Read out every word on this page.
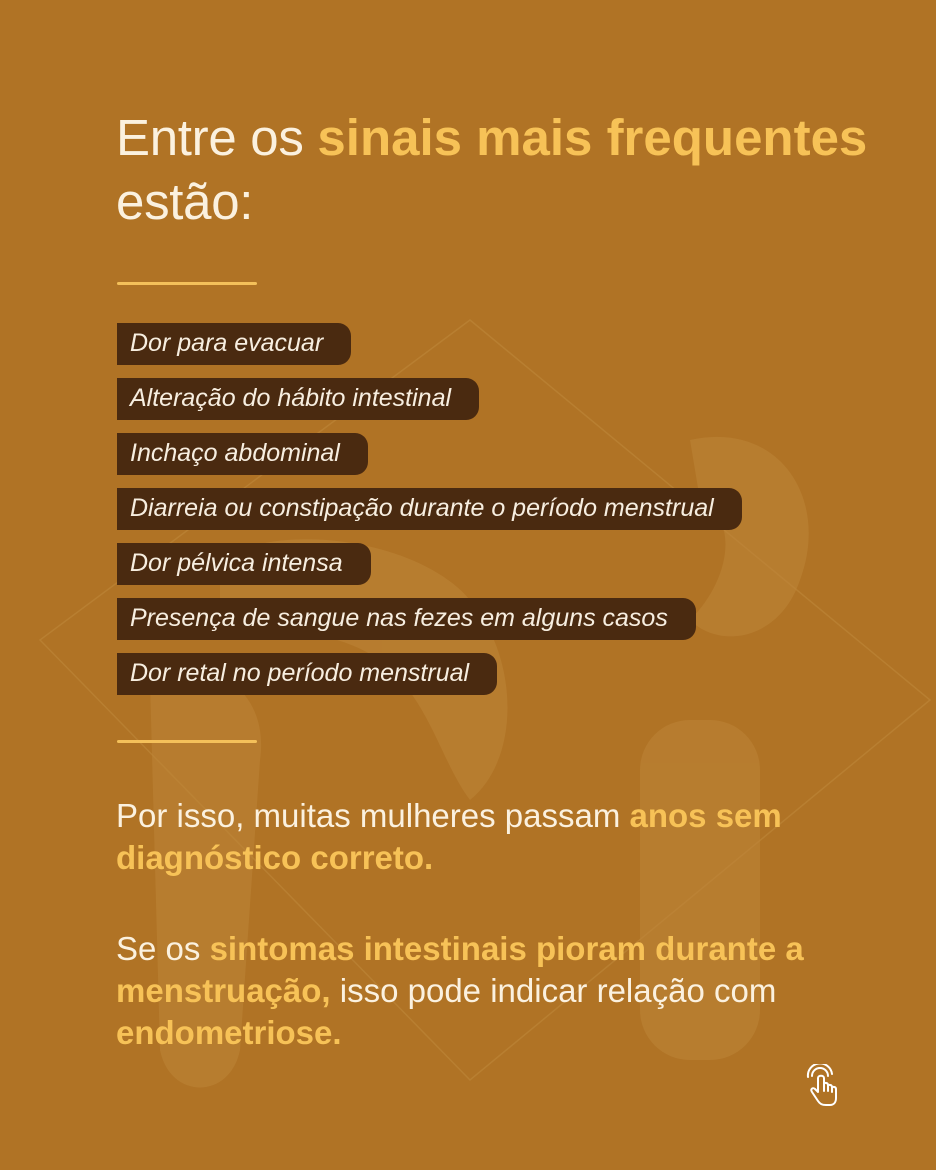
Entre os sinais mais frequentes estão:
Dor para evacuar
Alteração do hábito intestinal
Inchaço abdominal
Diarreia ou constipação durante o período menstrual
Dor pélvica intensa
Presença de sangue nas fezes em alguns casos
Dor retal no período menstrual

Por isso, muitas mulheres passam anos sem diagnóstico correto.

Se os sintomas intestinais pioram durante a menstruação, isso pode indicar relação com endometriose.
